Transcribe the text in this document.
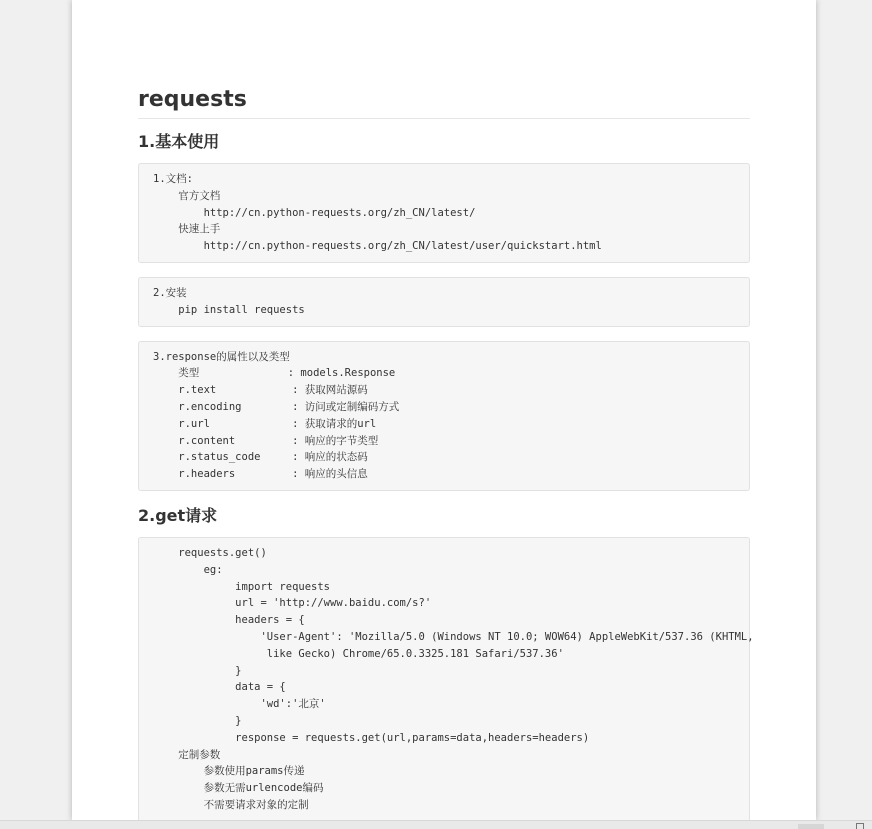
requests
1.基本使用
1.文档:
官方文档
http://cn.python-requests.org/zh_CN/latest/
快速上手
http://cn.python-requests.org/zh_CN/latest/user/quickstart.html
2.安装
pip install requests
3.response的属性以及类型
类型              : models.Response
r.text            : 获取网站源码
r.encoding        : 访问或定制编码方式
r.url             : 获取请求的url
r.content         : 响应的字节类型
r.status_code     : 响应的状态码
r.headers         : 响应的头信息
2.get请求
requests.get()
eg:
import requests
url = 'http://www.baidu.com/s?'
headers = {
'User-Agent': 'Mozilla/5.0 (Windows NT 10.0; WOW64) AppleWebKit/537.36 (KHTML,
like Gecko) Chrome/65.0.3325.181 Safari/537.36'
}
data = {
'wd':'北京'
}
response = requests.get(url,params=data,headers=headers)
定制参数
参数使用params传递
参数无需urlencode编码
不需要请求对象的定制
